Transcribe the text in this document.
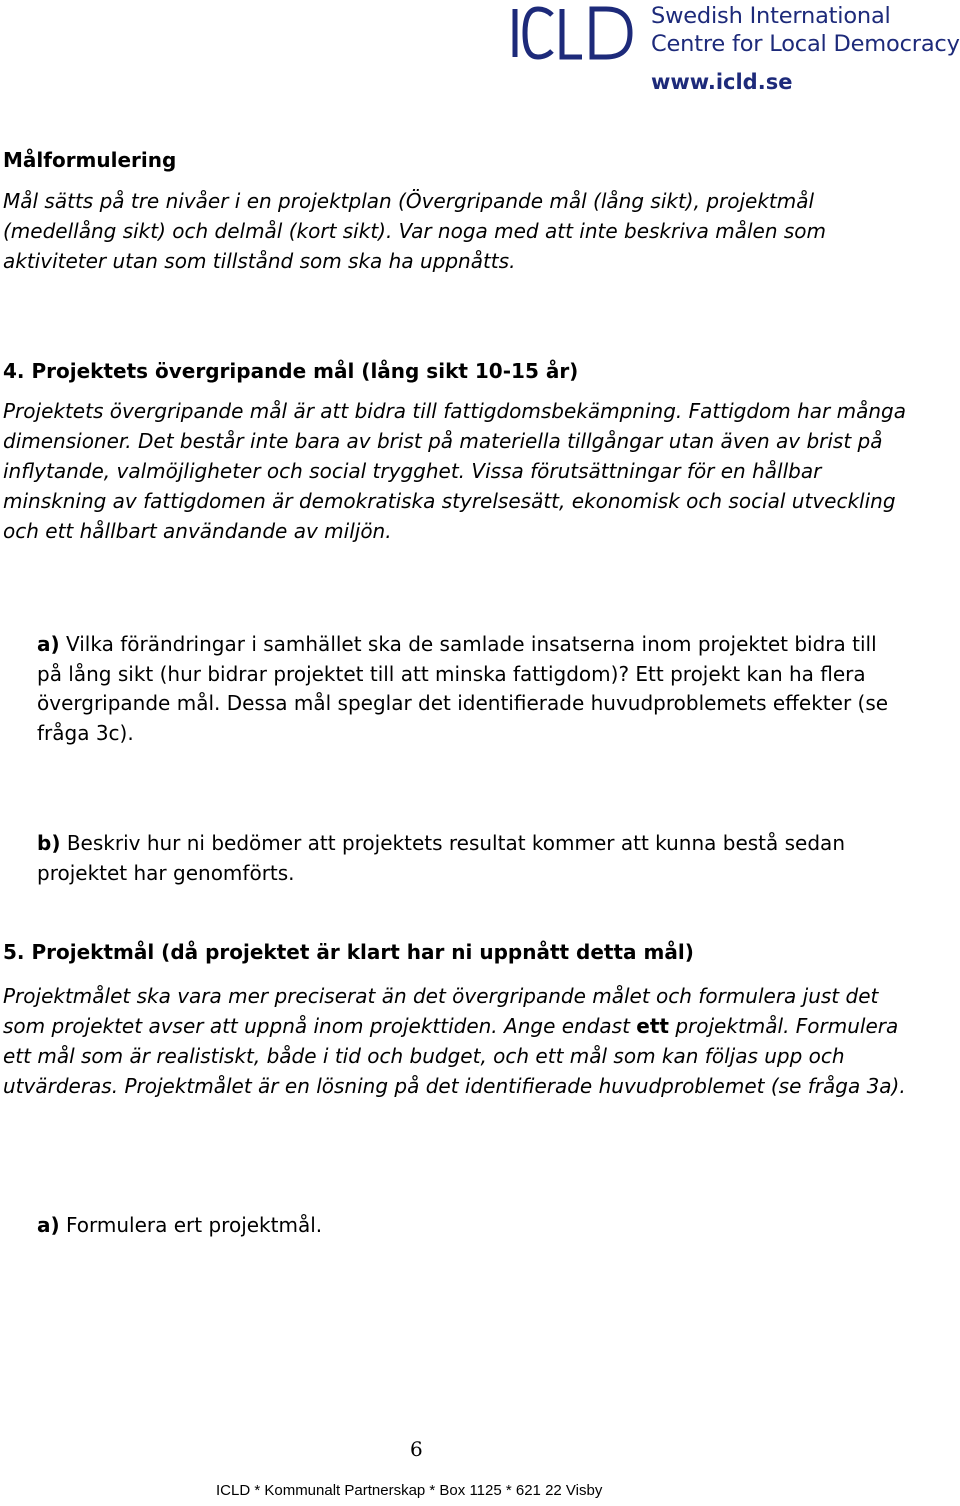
Swedish International
Centre for Local Democracy
www.icld.se
Målformulering
Mål sätts på tre nivåer i en projektplan (Övergripande mål (lång sikt), projektmål (medellång sikt) och delmål (kort sikt). Var noga med att inte beskriva målen som aktiviteter utan som tillstånd som ska ha uppnåtts.
4. Projektets övergripande mål (lång sikt 10-15 år)
Projektets övergripande mål är att bidra till fattigdomsbekämpning. Fattigdom har många dimensioner. Det består inte bara av brist på materiella tillgångar utan även av brist på inflytande, valmöjligheter och social trygghet. Vissa förutsättningar för en hållbar minskning av fattigdomen är demokratiska styrelsesätt, ekonomisk och social utveckling och ett hållbart användande av miljön.
a) Vilka förändringar i samhället ska de samlade insatserna inom projektet bidra till på lång sikt (hur bidrar projektet till att minska fattigdom)? Ett projekt kan ha flera övergripande mål. Dessa mål speglar det identifierade huvudproblemets effekter (se fråga 3c).
b) Beskriv hur ni bedömer att projektets resultat kommer att kunna bestå sedan projektet har genomförts.
5. Projektmål (då projektet är klart har ni uppnått detta mål)
Projektmålet ska vara mer preciserat än det övergripande målet och formulera just det som projektet avser att uppnå inom projekttiden. Ange endast ett projektmål. Formulera ett mål som är realistiskt, både i tid och budget, och ett mål som kan följas upp och utvärderas. Projektmålet är en lösning på det identifierade huvudproblemet (se fråga 3a).
a) Formulera ert projektmål.
6
ICLD * Kommunalt Partnerskap * Box 1125 * 621 22 Visby
